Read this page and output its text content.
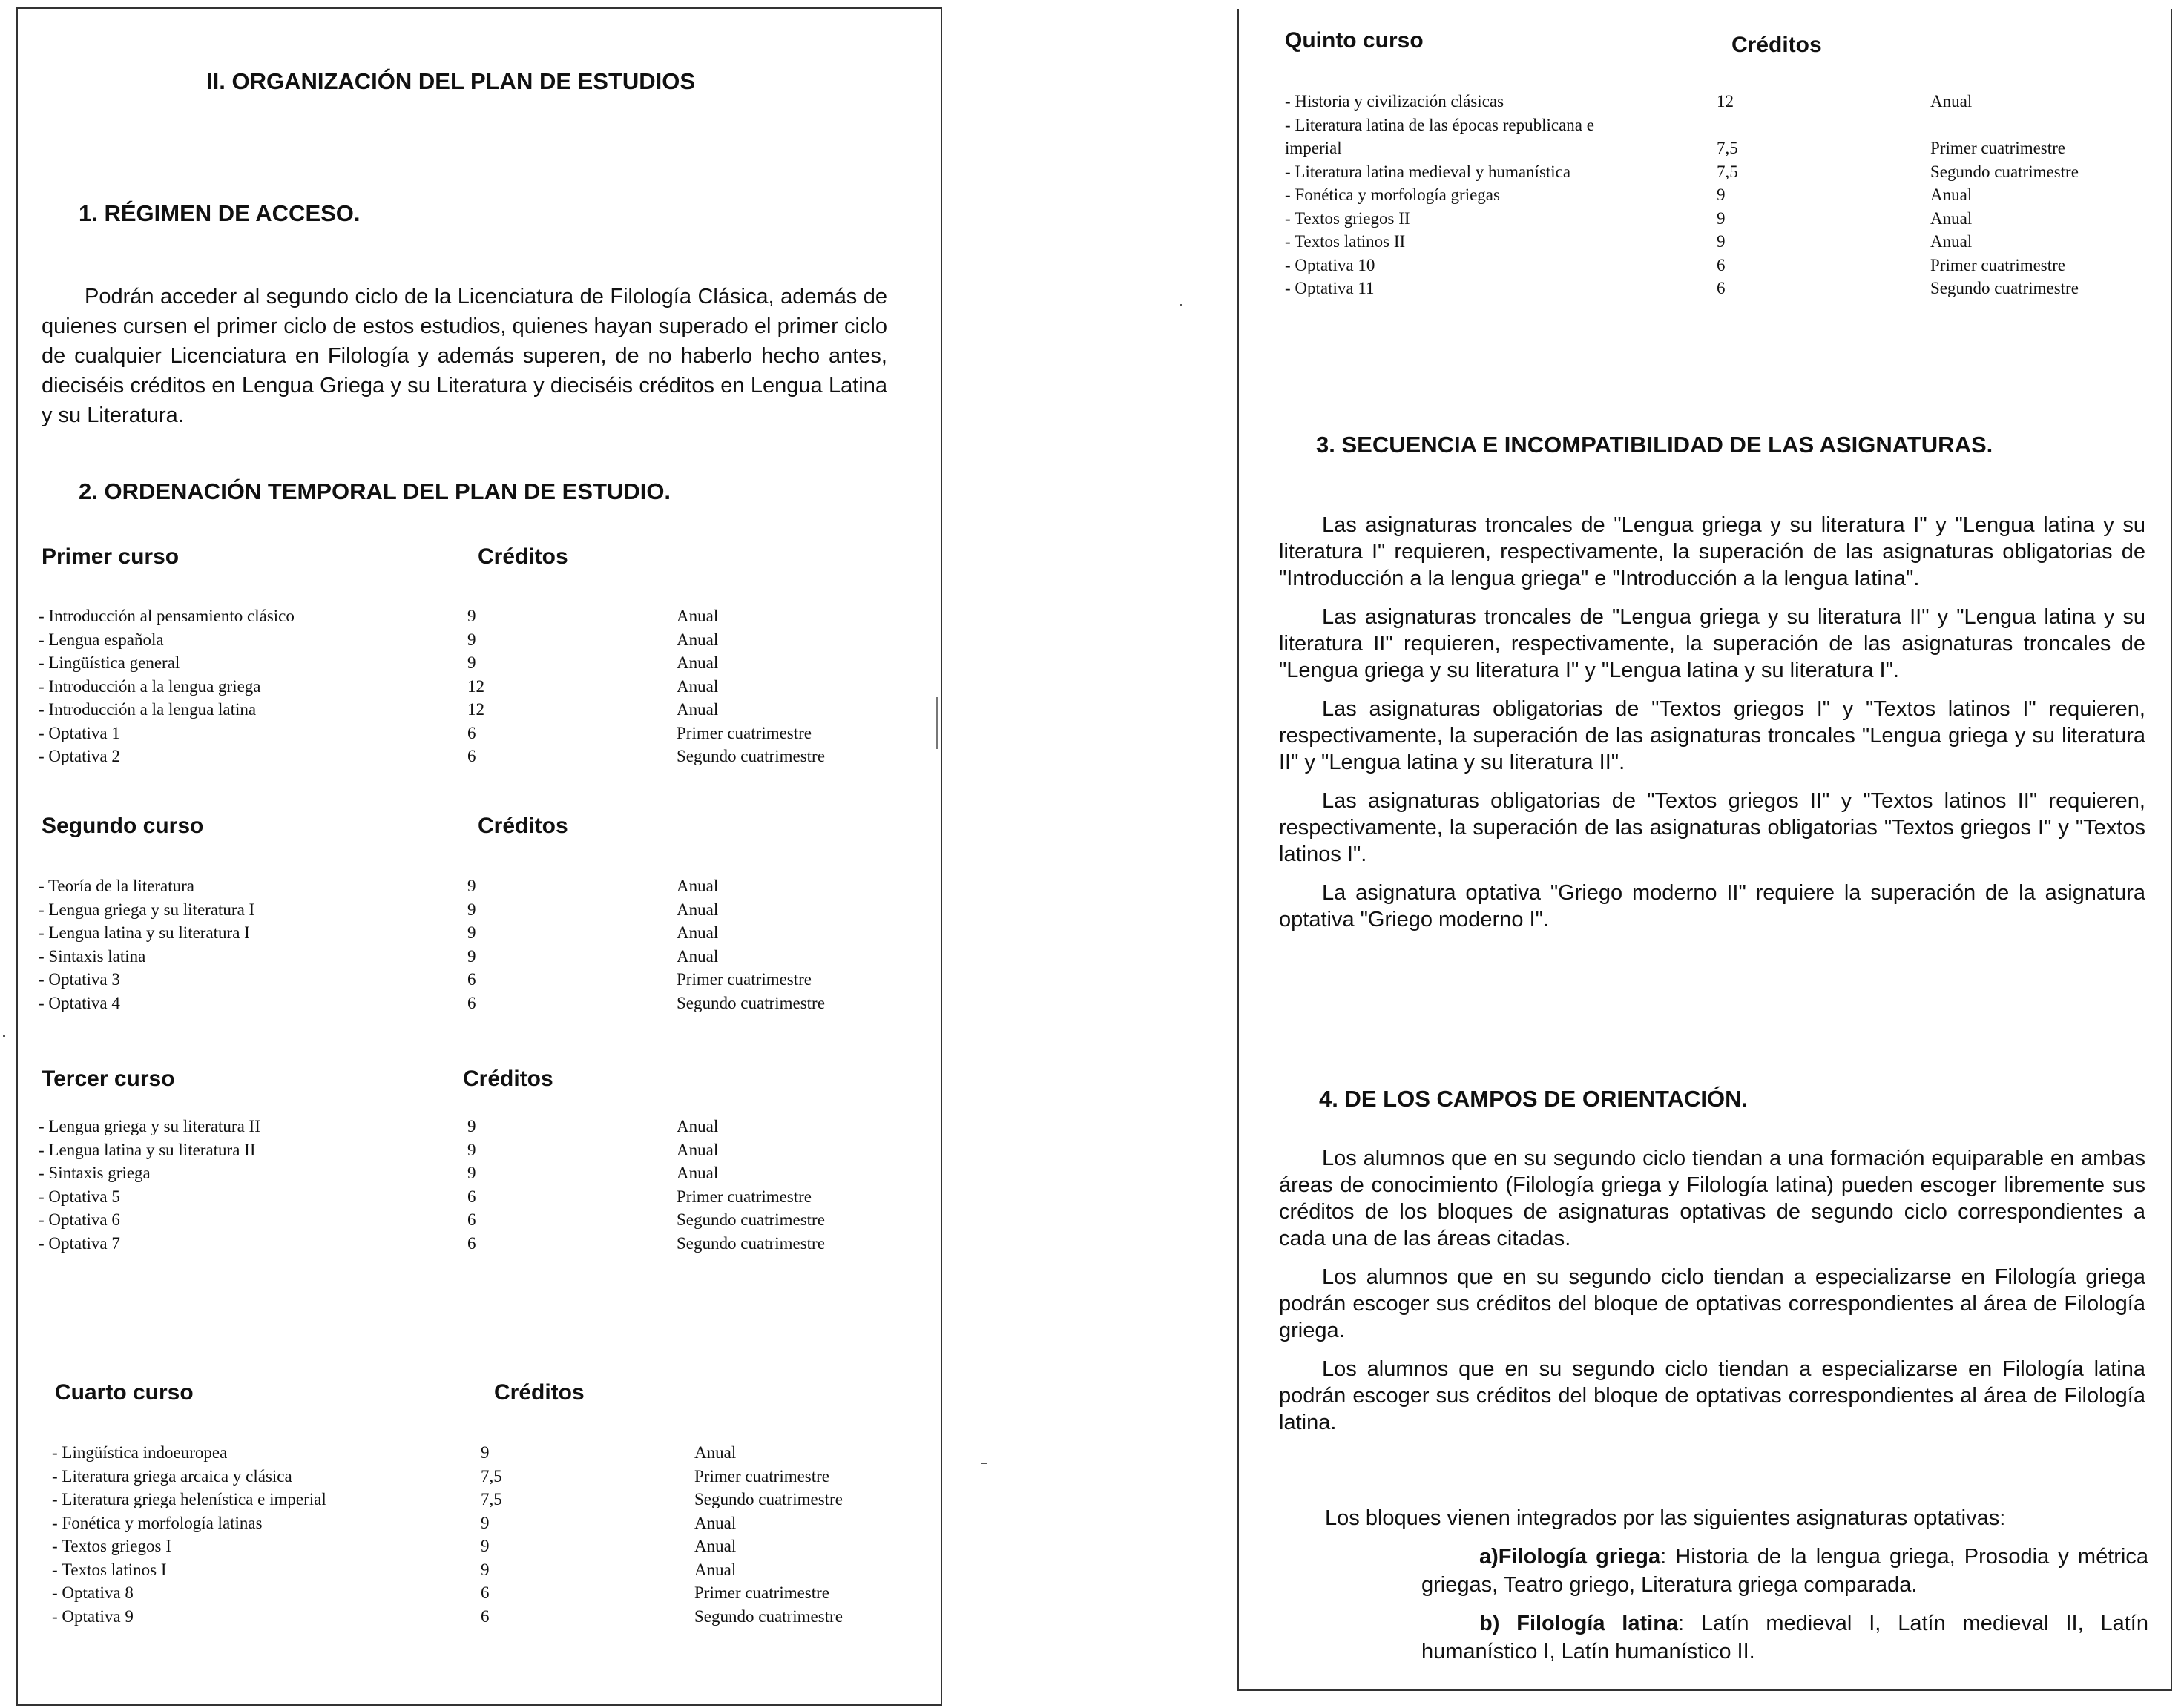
II. ORGANIZACIÓN DEL PLAN DE ESTUDIOS
1. RÉGIMEN DE ACCESO.

Podrán acceder al segundo ciclo de la Licenciatura de Filología Clásica, además de quienes cursen el primer ciclo de estos estudios, quienes hayan superado el primer ciclo de cualquier Licenciatura en Filología y además superen, de no haberlo hecho antes, dieciséis créditos en Lengua Griega y su Literatura y dieciséis créditos en Lengua Latina y su Literatura.

2. ORDENACIÓN TEMPORAL DEL PLAN DE ESTUDIO.
Primer curso	Créditos
- Introducción al pensamiento clásico	9	Anual
- Lengua española	9	Anual
- Lingüística general	9	Anual
- Introducción a la lengua griega	12	Anual
- Introducción a la lengua latina	12	Anual
- Optativa 1	6	Primer cuatrimestre
- Optativa 2	6	Segundo cuatrimestre
Segundo curso	Créditos
- Teoría de la literatura	9	Anual
- Lengua griega y su literatura I	9	Anual
- Lengua latina y su literatura I	9	Anual
- Sintaxis latina	9	Anual
- Optativa 3	6	Primer cuatrimestre
- Optativa 4	6	Segundo cuatrimestre
Tercer curso	Créditos
- Lengua griega y su literatura II	9	Anual
- Lengua latina y su literatura II	9	Anual
- Sintaxis griega	9	Anual
- Optativa 5	6	Primer cuatrimestre
- Optativa 6	6	Segundo cuatrimestre
- Optativa 7	6	Segundo cuatrimestre
Cuarto curso	Créditos
- Lingüística indoeuropea	9	Anual
- Literatura griega arcaica y clásica	7,5	Primer cuatrimestre
- Literatura griega helenística e imperial	7,5	Segundo cuatrimestre
- Fonética y morfología latinas	9	Anual
- Textos griegos I	9	Anual
- Textos latinos I	9	Anual
- Optativa 8	6	Primer cuatrimestre
- Optativa 9	6	Segundo cuatrimestre
Quinto curso	Créditos
- Historia y civilización clásicas	12	Anual
- Literatura latina de las épocas republicana e
imperial	7,5	Primer cuatrimestre
- Literatura latina medieval y humanística	7,5	Segundo cuatrimestre
- Fonética y morfología griegas	9	Anual
- Textos griegos II	9	Anual
- Textos latinos II	9	Anual
- Optativa 10	6	Primer cuatrimestre
- Optativa 11	6	Segundo cuatrimestre
3. SECUENCIA E INCOMPATIBILIDAD DE LAS ASIGNATURAS.

Las asignaturas troncales de "Lengua griega y su literatura I" y "Lengua latina y su literatura I" requieren, respectivamente, la superación de las asignaturas obligatorias de "Introducción a la lengua griega" e "Introducción a la lengua latina".

Las asignaturas troncales de "Lengua griega y su literatura II" y "Lengua latina y su literatura II" requieren, respectivamente, la superación de las asignaturas troncales de "Lengua griega y su literatura I" y "Lengua latina y su literatura I".

Las asignaturas obligatorias de "Textos griegos I" y "Textos latinos I" requieren, respectivamente, la superación de las asignaturas troncales "Lengua griega y su literatura II" y "Lengua latina y su literatura II".

Las asignaturas obligatorias de "Textos griegos II" y "Textos latinos II" requieren, respectivamente, la superación de las asignaturas obligatorias "Textos griegos I" y "Textos latinos I".

La asignatura optativa "Griego moderno II" requiere la superación de la asignatura optativa "Griego moderno I".

4. DE LOS CAMPOS DE ORIENTACIÓN.

Los alumnos que en su segundo ciclo tiendan a una formación equiparable en ambas áreas de conocimiento (Filología griega y Filología latina) pueden escoger libremente sus créditos de los bloques de asignaturas optativas de segundo ciclo correspondientes a cada una de las áreas citadas.

Los alumnos que en su segundo ciclo tiendan a especializarse en Filología griega podrán escoger sus créditos del bloque de optativas correspondientes al área de Filología griega.

Los alumnos que en su segundo ciclo tiendan a especializarse en Filología latina podrán escoger sus créditos del bloque de optativas correspondientes al área de Filología latina.

Los bloques vienen integrados por las siguientes asignaturas optativas:

a)Filología griega: Historia de la lengua griega, Prosodia y métrica griegas, Teatro griego, Literatura griega comparada.

b) Filología latina: Latín medieval I, Latín medieval II, Latín humanístico I, Latín humanístico II.
